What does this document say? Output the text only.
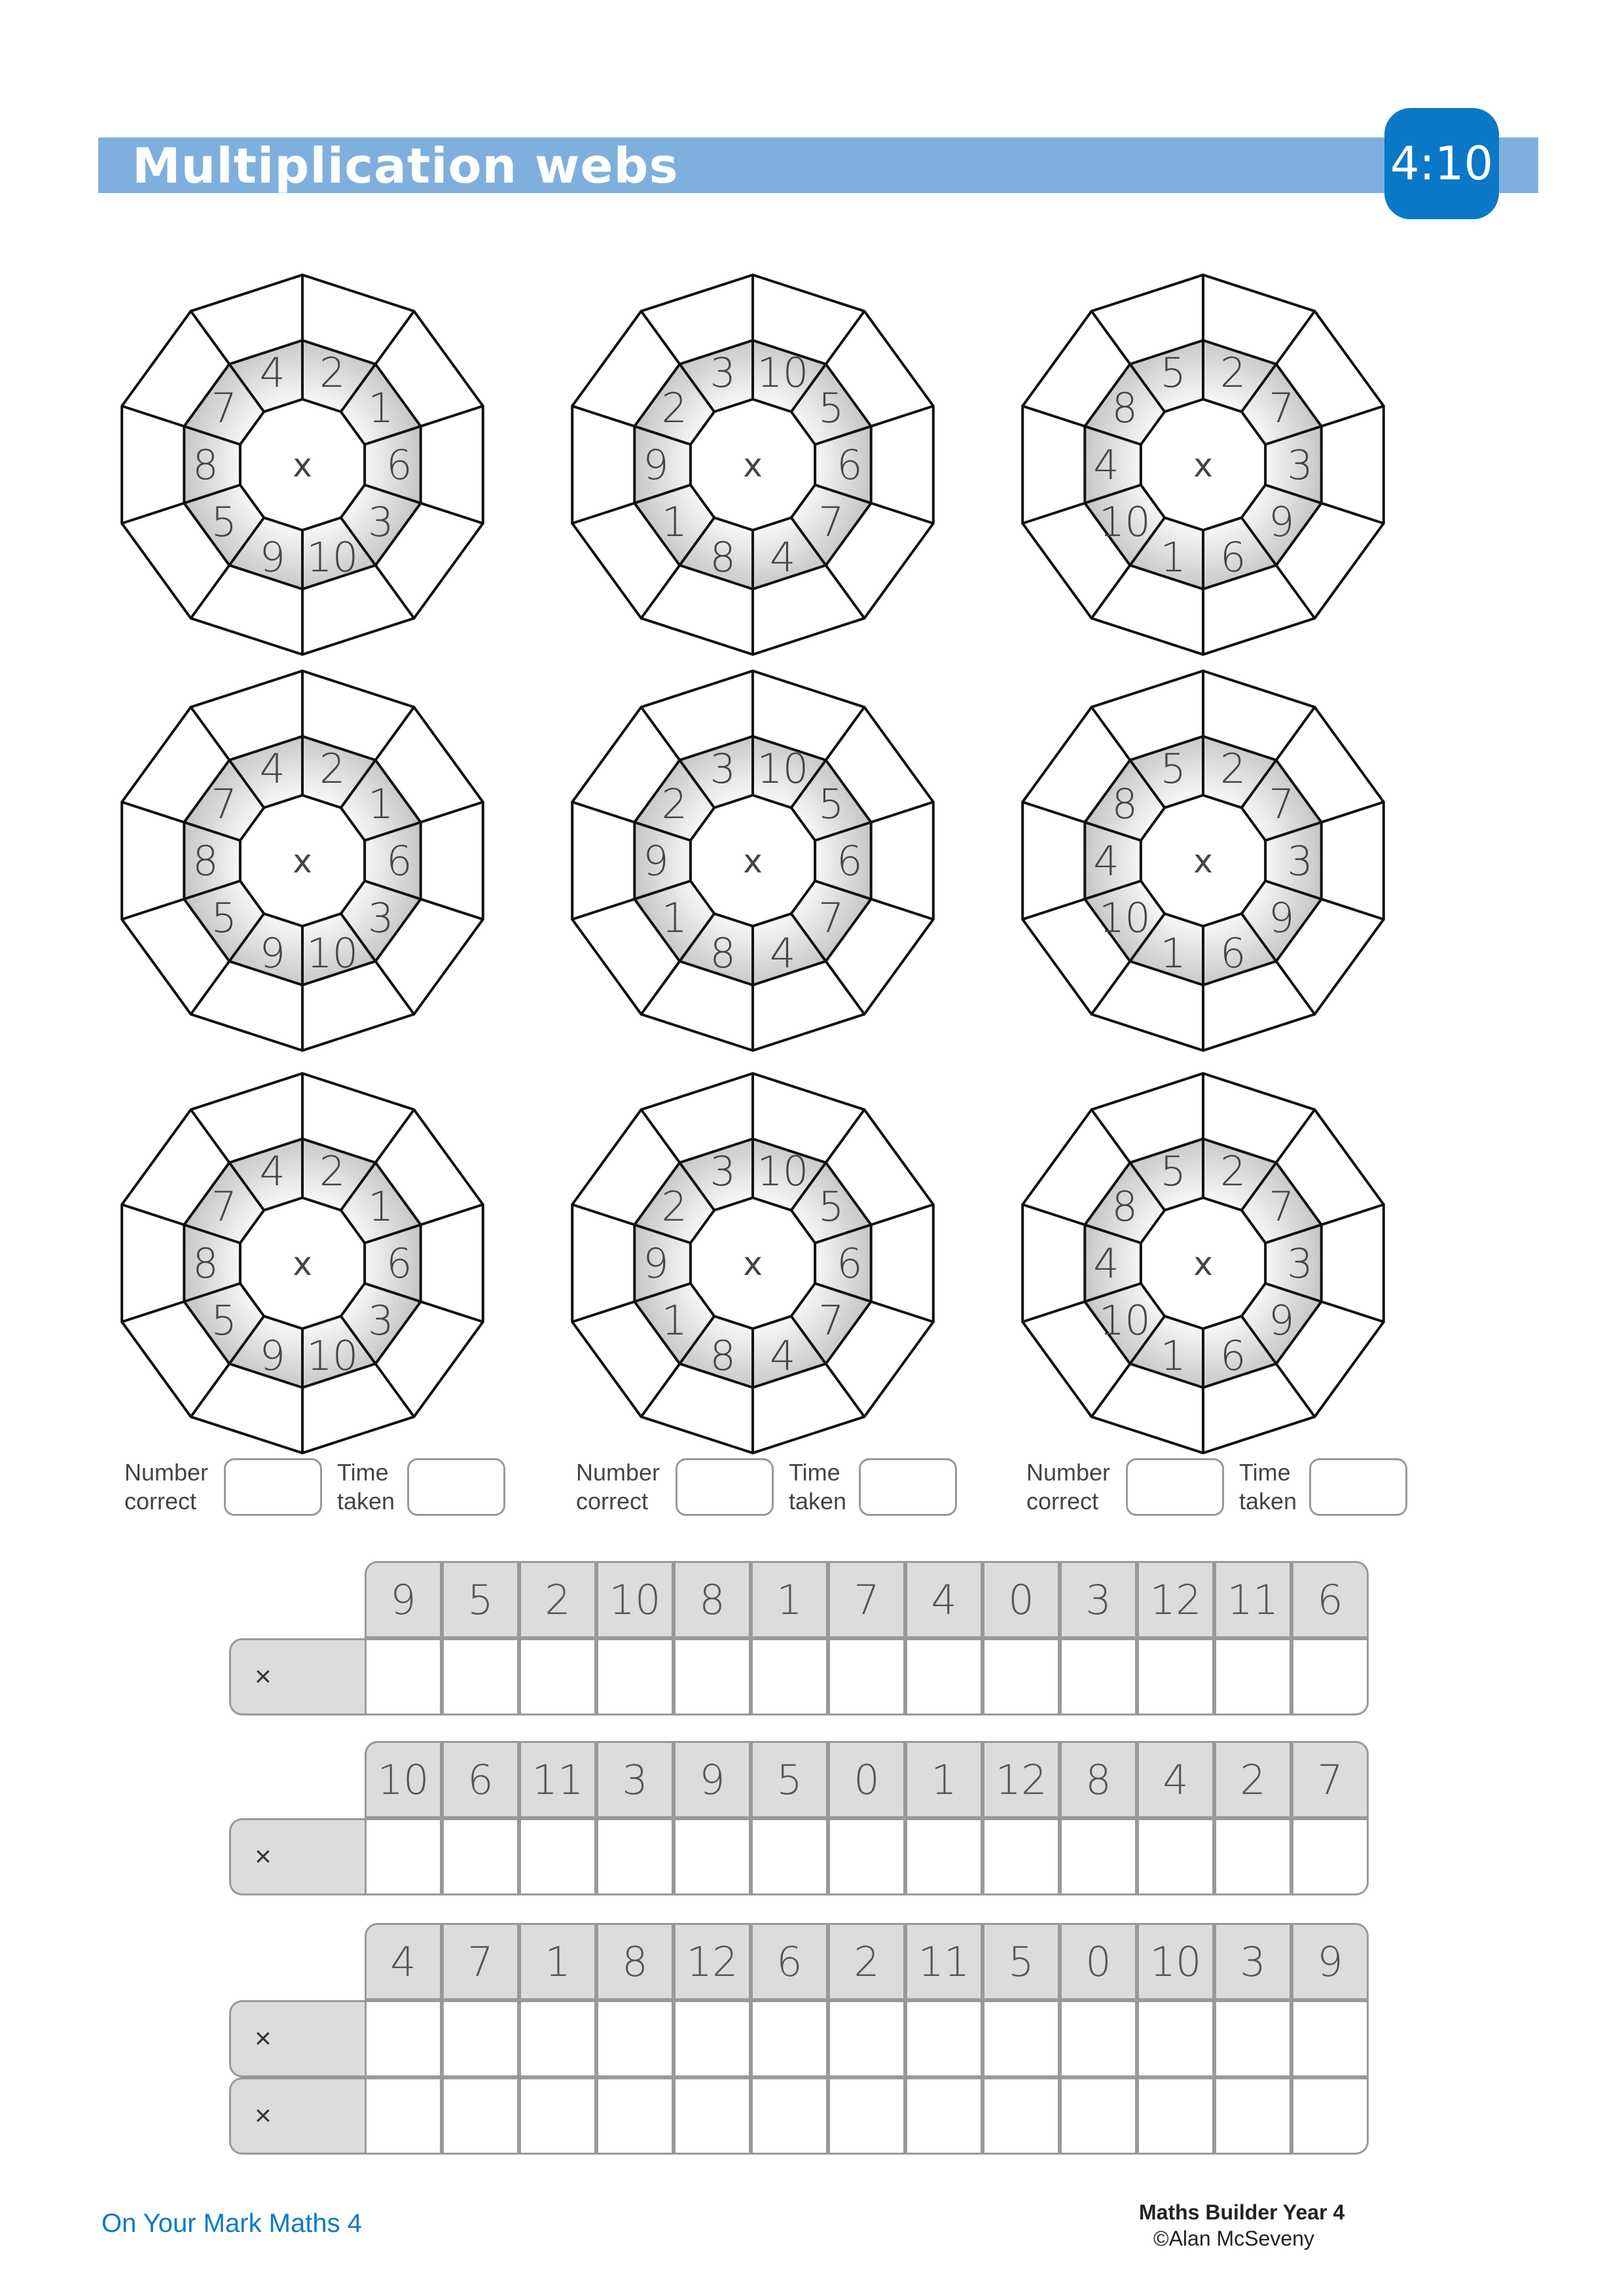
Multiplication webs	4:10
2
1
6
3
10
9
5
8
7
4
x
10
5
6
7
4
8
1
9
2
3
x
2
7
3
9
6
1
10
4
8
5
x
2
1
6
3
10
9
5
8
7
4
x
10
5
6
7
4
8
1
9
2
3
x
2
7
3
9
6
1
10
4
8
5
x
2
1
6
3
10
9
5
8
7
4
x
10
5
6
7
4
8
1
9
2
3
x
2
7
3
9
6
1
10
4
8
5
x
Number
correct
Time
taken
Number
correct
Time
taken
Number
correct
Time
taken
9	5	2 10 8	1	7	4	0	3 12 11 6
×
10 6 11 3	9	5	0	1 12 8	4	2	7
×
4	7	1	8 12 6	2 11 5	0 10 3	9
×
×
On Your Mark Maths 4	Maths Builder Year 4
©Alan McSeveny
